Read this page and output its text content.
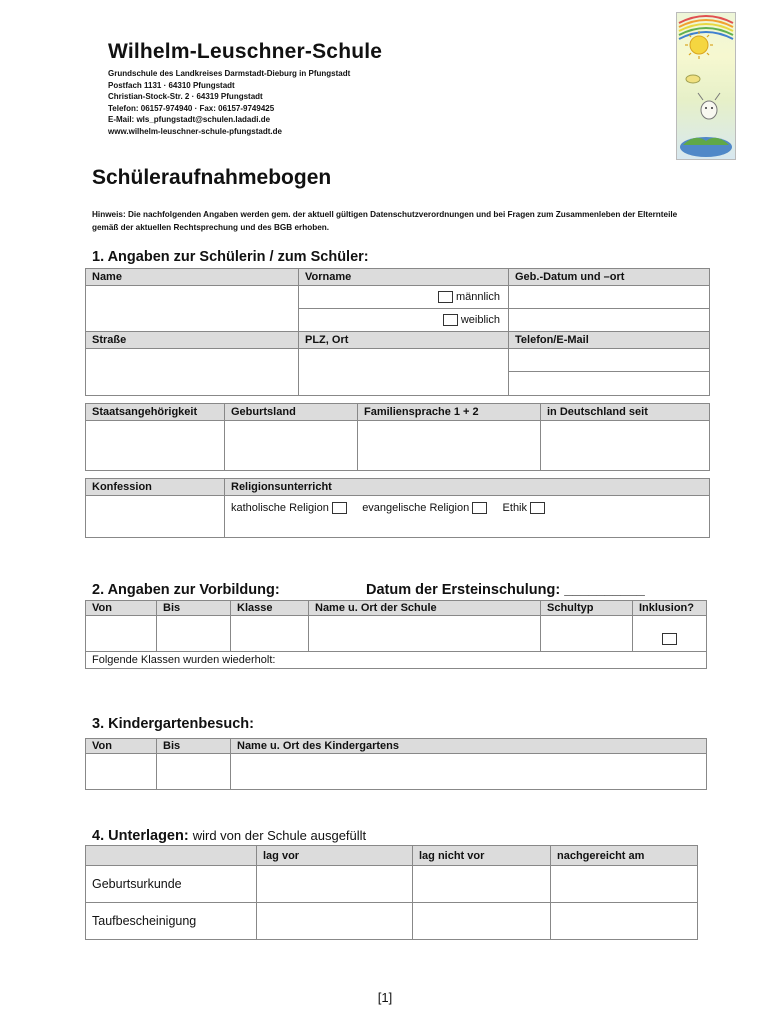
Wilhelm-Leuschner-Schule
Grundschule des Landkreises Darmstadt-Dieburg in Pfungstadt
Postfach 1131 · 64310 Pfungstadt
Christian-Stock-Str. 2 · 64319 Pfungstadt
Telefon: 06157-974940 · Fax: 06157-9749425
E-Mail: wls_pfungstadt@schulen.ladadi.de
www.wilhelm-leuschner-schule-pfungstadt.de
Schüleraufnahmebogen
Hinweis: Die nachfolgenden Angaben werden gem. der aktuell gültigen Datenschutzverordnungen und bei Fragen zum Zusammenleben der Elternteile gemäß der aktuellen Rechtsprechung und des BGB erhoben.
1. Angaben zur Schülerin / zum Schüler:
Name	Vorname	Geb.-Datum und –ort
	männlich	
	weiblich	
Straße	PLZ, Ort	Telefon/E-Mail

Staatsangehörigkeit	Geburtsland	Familiensprache 1 + 2	in Deutschland seit

Konfession	Religionsunterricht
	katholische Religion evangelische Religion Ethik
2. Angaben zur Vorbildung:	Datum der Ersteinschulung: __________
Von	Bis	Klasse	Name u. Ort der Schule	Schultyp	Inklusion?

Folgende Klassen wurden wiederholt:					
3. Kindergartenbesuch:
Von	Bis	Name u. Ort des Kindergartens

4. Unterlagen: wird von der Schule ausgefüllt
	lag vor	lag nicht vor	nachgereicht am
Geburtsurkunde			
Taufbescheinigung			
[1]
